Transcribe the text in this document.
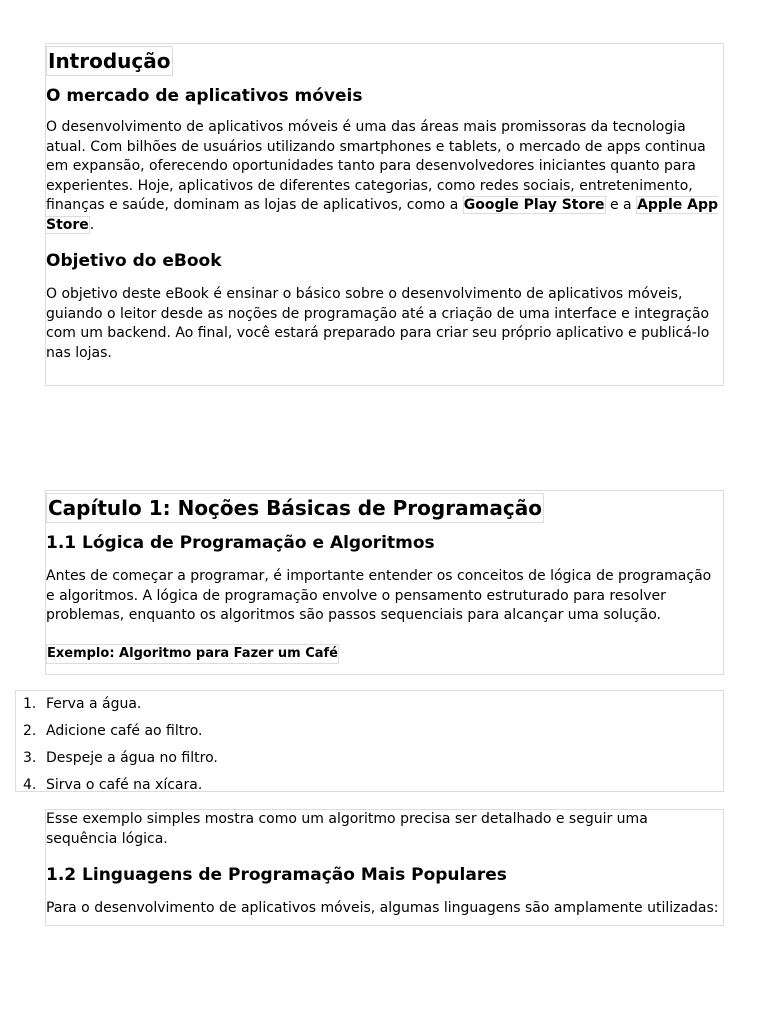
Introdução
O mercado de aplicativos móveis

O desenvolvimento de aplicativos móveis é uma das áreas mais promissoras da tecnologia atual. Com bilhões de usuários utilizando smartphones e tablets, o mercado de apps continua em expansão, oferecendo oportunidades tanto para desenvolvedores iniciantes quanto para experientes. Hoje, aplicativos de diferentes categorias, como redes sociais, entretenimento, finanças e saúde, dominam as lojas de aplicativos, como a Google Play Store e a Apple App Store.

Objetivo do eBook

O objetivo deste eBook é ensinar o básico sobre o desenvolvimento de aplicativos móveis, guiando o leitor desde as noções de programação até a criação de uma interface e integração com um backend. Ao final, você estará preparado para criar seu próprio aplicativo e publicá-lo nas lojas.

Capítulo 1: Noções Básicas de Programação
1.1 Lógica de Programação e Algoritmos

Antes de começar a programar, é importante entender os conceitos de lógica de programação e algoritmos. A lógica de programação envolve o pensamento estruturado para resolver problemas, enquanto os algoritmos são passos sequenciais para alcançar uma solução.

Exemplo: Algoritmo para Fazer um Café
1. Ferva a água.
2. Adicione café ao filtro.
3. Despeje a água no filtro.
4. Sirva o café na xícara.

Esse exemplo simples mostra como um algoritmo precisa ser detalhado e seguir uma sequência lógica.

1.2 Linguagens de Programação Mais Populares

Para o desenvolvimento de aplicativos móveis, algumas linguagens são amplamente utilizadas:
